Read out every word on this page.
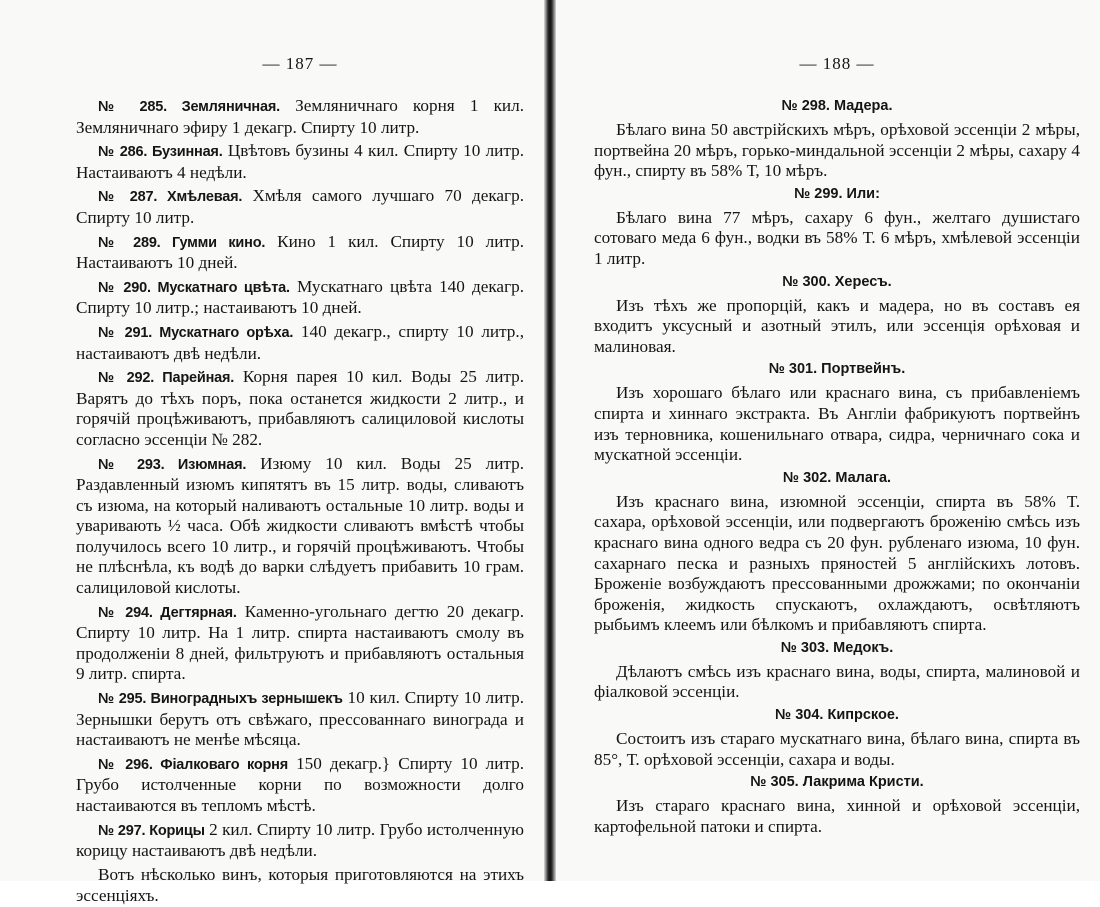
— 187 —

№ 285. Земляничная. Земляничнаго корня 1 кил. Земляничнаго эфиру 1 декагр. Спирту 10 литр.

№ 286. Бузинная. Цвѣтовъ бузины 4 кил. Спирту 10 литр. Настаиваютъ 4 недѣли.

№ 287. Хмѣлевая. Хмѣля самого лучшаго 70 декагр. Спирту 10 литр.

№ 289. Гумми кино. Кино 1 кил. Спирту 10 литр. Настаиваютъ 10 дней.

№ 290. Мускатнаго цвѣта. Мускатнаго цвѣта 140 декагр. Спирту 10 литр.; настаиваютъ 10 дней.

№ 291. Мускатнаго орѣха. 140 декагр., спирту 10 литр., настаиваютъ двѣ недѣли.

№ 292. Парейная. Корня парея 10 кил. Воды 25 литр. Варятъ до тѣхъ поръ, пока останется жидкости 2 литр., и горячій процѣживаютъ, прибавляютъ салициловой кислоты согласно эссенціи № 282.

№ 293. Изюмная. Изюму 10 кил. Воды 25 литр. Раздавленный изюмъ кипятятъ въ 15 литр. воды, сливаютъ съ изюма, на который наливаютъ остальные 10 литр. воды и уваривають ½ часа. Обѣ жидкости сливаютъ вмѣстѣ чтобы получилось всего 10 литр., и горячій процѣживаютъ. Чтобы не плѣснѣла, къ водѣ до варки слѣдуетъ прибавить 10 грам. салициловой кислоты.

№ 294. Дегтярная. Каменно-угольнаго дегтю 20 декагр. Спирту 10 литр. На 1 литр. спирта настаиваютъ смолу въ продолженіи 8 дней, фильтруютъ и прибавляютъ остальныя 9 литр. спирта.

№ 295. Виноградныхъ зернышекъ 10 кил. Спирту 10 литр. Зернышки берутъ отъ свѣжаго, прессованнаго винограда и настаиваютъ не менѣе мѣсяца.

№ 296. Фіалковаго корня 150 декагр.} Спирту 10 литр. Грубо истолченные корни по возможности долго настаиваются въ тепломъ мѣстѣ.

№ 297. Корицы 2 кил. Спирту 10 литр. Грубо истолченную корицу настаиваютъ двѣ недѣли.

Вотъ нѣсколько винъ, которыя приготовляются на этихъ эссенціяхъ.

— 188 —
№ 298. Мадера.

Бѣлаго вина 50 австрійскихъ мѣръ, орѣховой эссенціи 2 мѣры, портвейна 20 мѣръ, горько-миндальной эссенціи 2 мѣры, сахару 4 фун., спирту въ 58% Т, 10 мѣръ.

№ 299. Или:

Бѣлаго вина 77 мѣръ, сахару 6 фун., желтаго душистаго сотоваго меда 6 фун., водки въ 58% Т. 6 мѣръ, хмѣлевой эссенціи 1 литр.

№ 300. Хересъ.

Изъ тѣхъ же пропорцій, какъ и мадера, но въ составъ ея входитъ уксусный и азотный этилъ, или эссенція орѣховая и малиновая.

№ 301. Портвейнъ.

Изъ хорошаго бѣлаго или краснаго вина, съ прибавленіемъ спирта и хиннаго экстракта. Въ Англіи фабрикуютъ портвейнъ изъ терновника, кошенильнаго отвара, сидра, черничнаго сока и мускатной эссенціи.

№ 302. Малага.

Изъ краснаго вина, изюмной эссенціи, спирта въ 58% Т. сахара, орѣховой эссенціи, или подвергаютъ броженію смѣсь изъ краснаго вина одного ведра съ 20 фун. рубленаго изюма, 10 фун. сахарнаго песка и разныхъ пряностей 5 англійскихъ лотовъ. Броженіе возбуждаютъ прессованными дрожжами; по окончаніи броженія, жидкость спускаютъ, охлаждаютъ, освѣтляютъ рыбьимъ клеемъ или бѣлкомъ и прибавляютъ спирта.

№ 303. Медокъ.

Дѣлаютъ смѣсь изъ краснаго вина, воды, спирта, малиновой и фіалковой эссенціи.

№ 304. Кипрское.

Состоитъ изъ стараго мускатнаго вина, бѣлаго вина, спирта въ 85°, Т. орѣховой эссенціи, сахара и воды.

№ 305. Лакрима Кристи.

Изъ стараго краснаго вина, хинной и орѣховой эссенціи, картофельной патоки и спирта.
